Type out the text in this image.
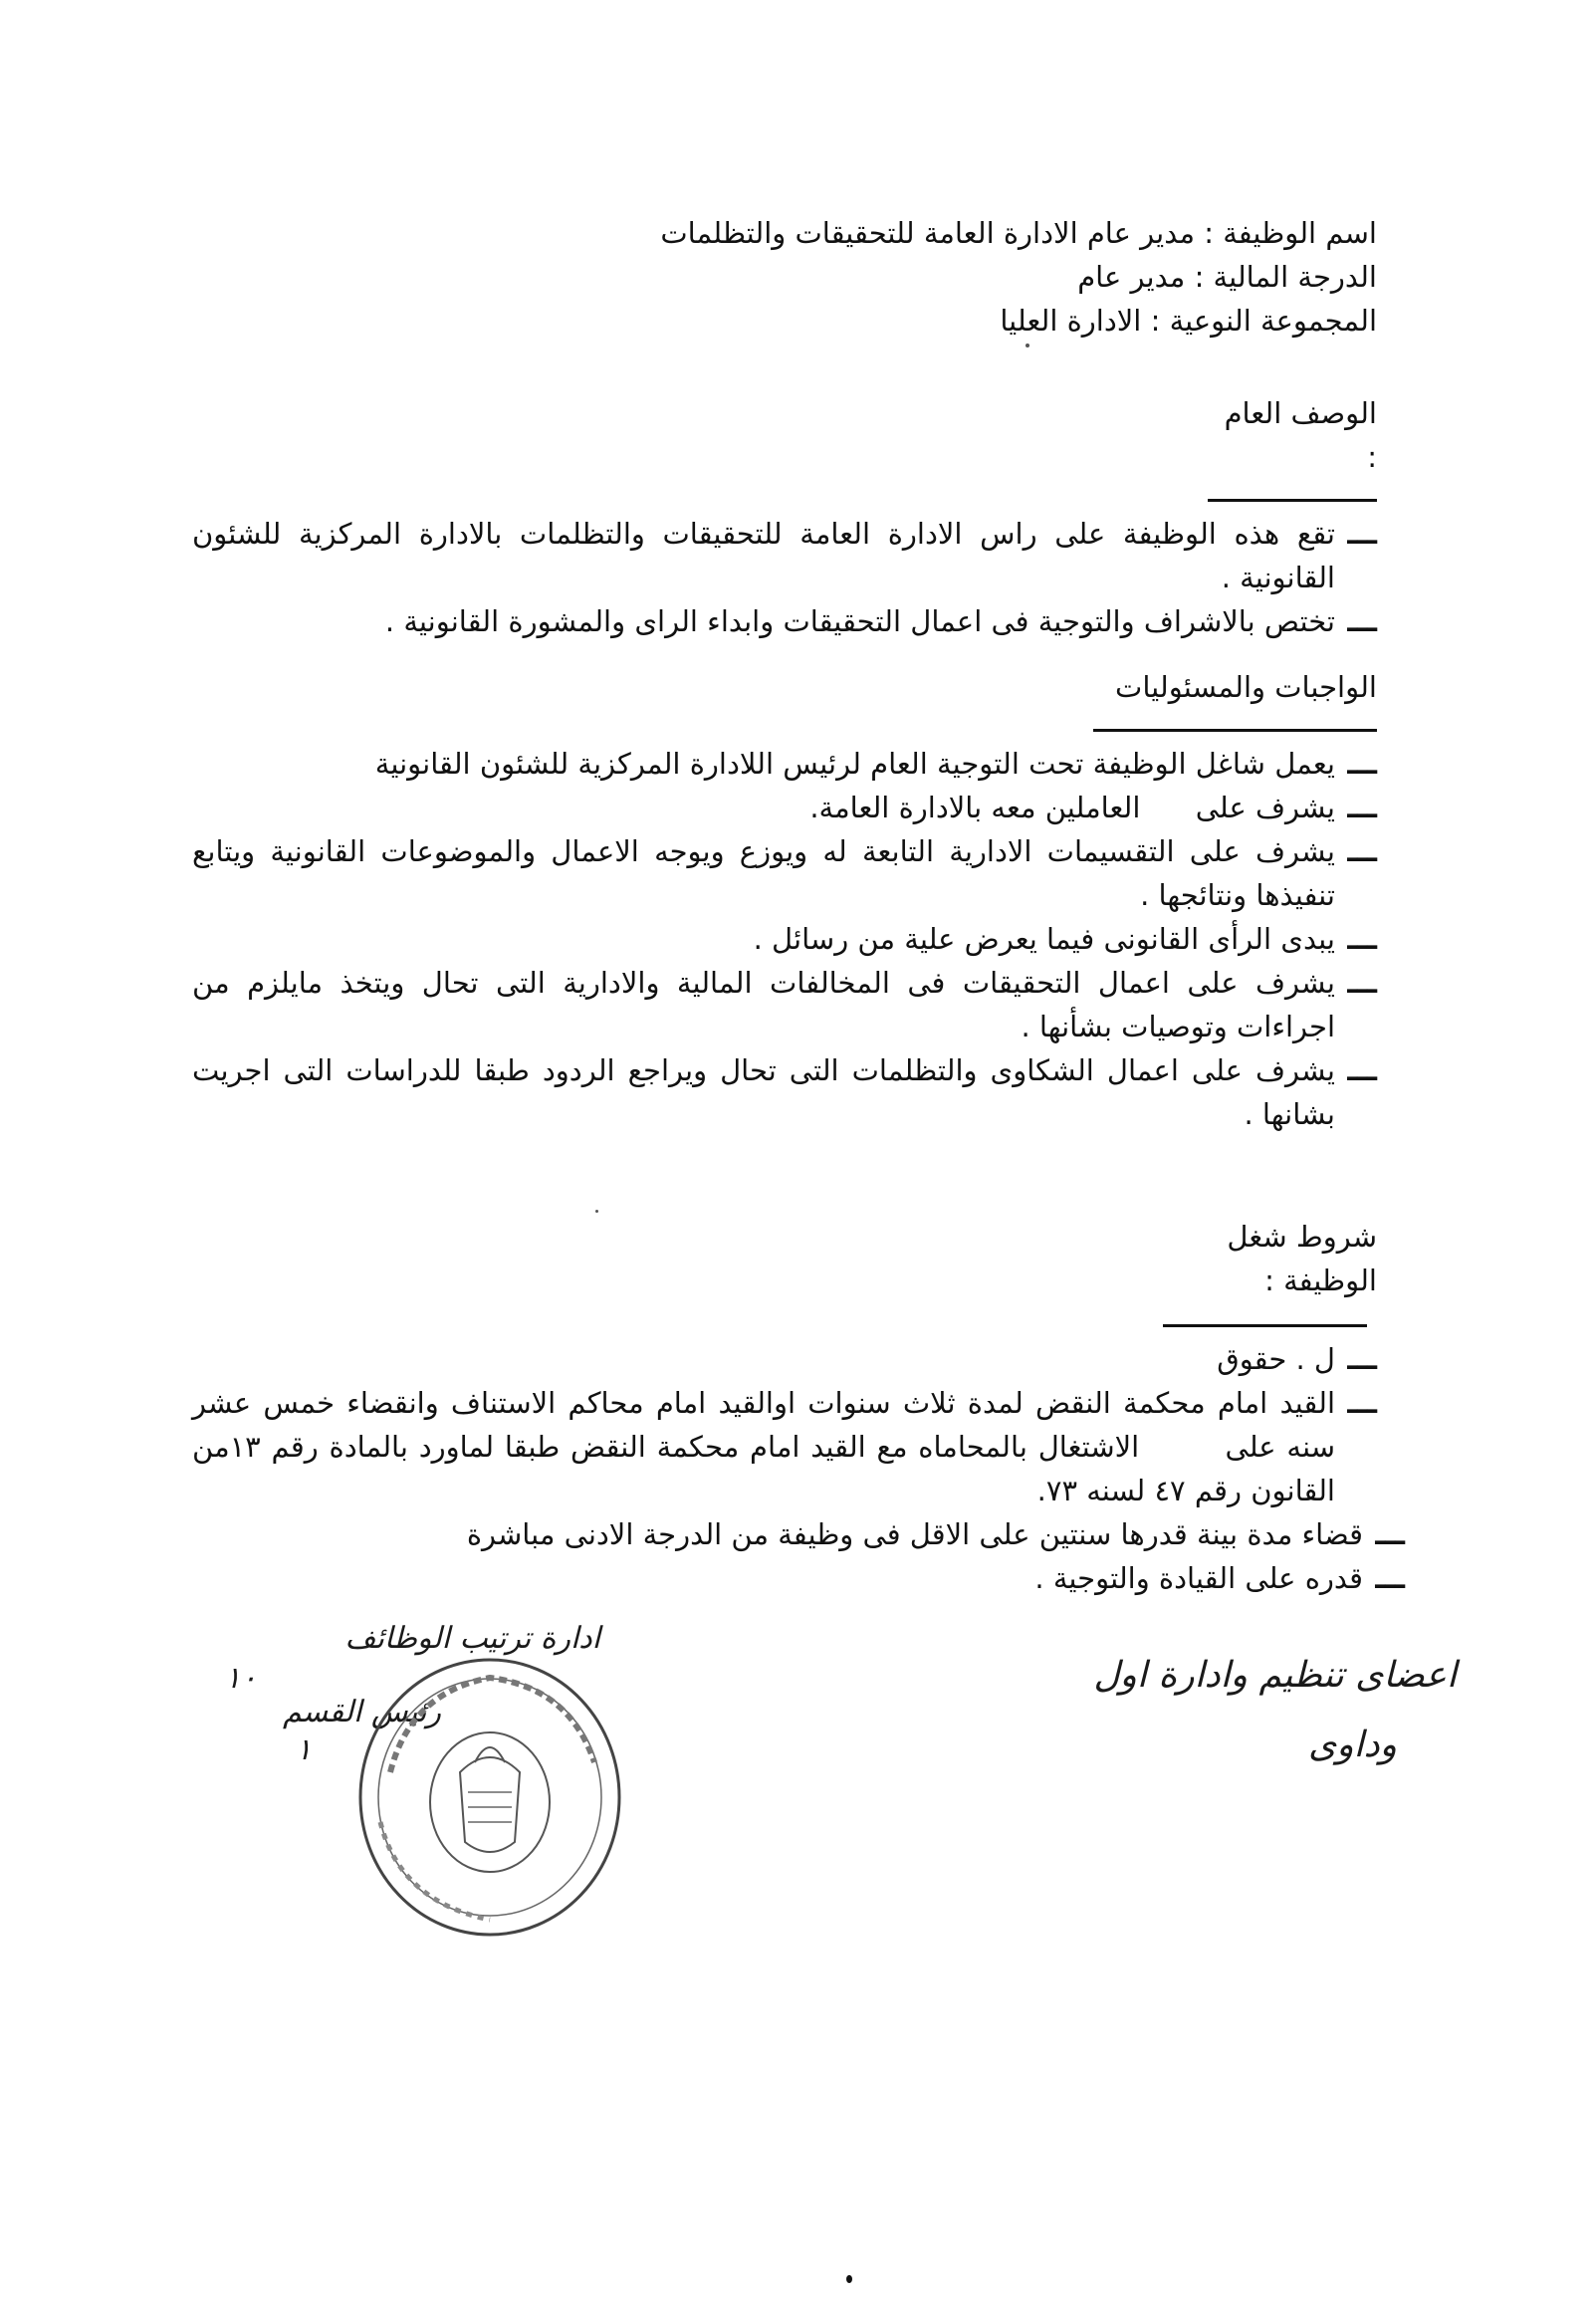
اسم الوظيفة : مدير عام الادارة العامة للتحقيقات والتظلمات
الدرجة المالية : مدير عام
المجموعة النوعية : الادارة العليا
الوصف العام :
ـــ
تقع هذه الوظيفة على راس الادارة العامة للتحقيقات والتظلمات بالادارة المركزية للشئون القانونية .
ـــ
تختص بالاشراف والتوجية فى اعمال التحقيقات وابداء الراى والمشورة القانونية .
الواجبات والمسئوليات
ـــ
يعمل شاغل الوظيفة تحت التوجية العام لرئيس اللادارة المركزية للشئون القانونية
ـــ
يشرف على      العاملين معه بالادارة العامة.
ـــ
يشرف على التقسيمات الادارية التابعة له ويوزع ويوجه الاعمال والموضوعات القانونية ويتابع تنفيذها ونتائجها .
ـــ
يبدى الرأى القانونى فيما يعرض علية من رسائل .
ـــ
يشرف على اعمال التحقيقات فى المخالفات المالية والادارية التى تحال ويتخذ مايلزم من اجراءات وتوصيات بشأنها .
ـــ
يشرف على اعمال الشكاوى والتظلمات التى تحال ويراجع الردود طبقا للدراسات التى اجريت بشانها .
شروط شغل الوظيفة :
ـــ
ل . حقوق
ـــ
القيد امام محكمة النقض لمدة ثلاث سنوات اوالقيد امام محاكم الاستناف وانقضاء خمس عشر سنه على        الاشتغال بالمحاماه مع القيد امام محكمة النقض طبقا لماورد بالمادة رقم ١٣من القانون رقم ٤٧ لسنه ٧٣.
ـــ
قضاء مدة بينة قدرها سنتين على الاقل فى وظيفة من الدرجة الادنى مباشرة
ـــ
قدره على القيادة والتوجية .
اعضاى تنظيم وادارة اول
وداوى
ادارة ترتيب الوظائف
١٠
رئيس القسم
١
